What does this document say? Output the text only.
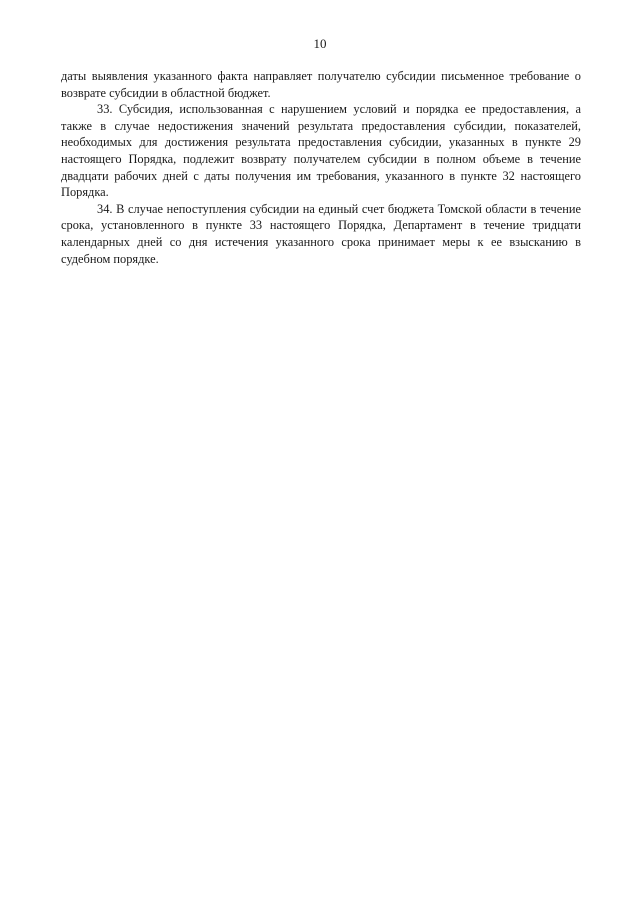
10

даты выявления указанного факта направляет получателю субсидии письменное требование о возврате субсидии в областной бюджет.

33. Субсидия, использованная с нарушением условий и порядка ее предоставления, а также в случае недостижения значений результата предоставления субсидии, показателей, необходимых для достижения результата предоставления субсидии, указанных в пункте 29 настоящего Порядка, подлежит возврату получателем субсидии в полном объеме в течение двадцати рабочих дней с даты получения им требования, указанного в пункте 32 настоящего Порядка.

34. В случае непоступления субсидии на единый счет бюджета Томской области в течение срока, установленного в пункте 33 настоящего Порядка, Департамент в течение тридцати календарных дней со дня истечения указанного срока принимает меры к ее взысканию в судебном порядке.
